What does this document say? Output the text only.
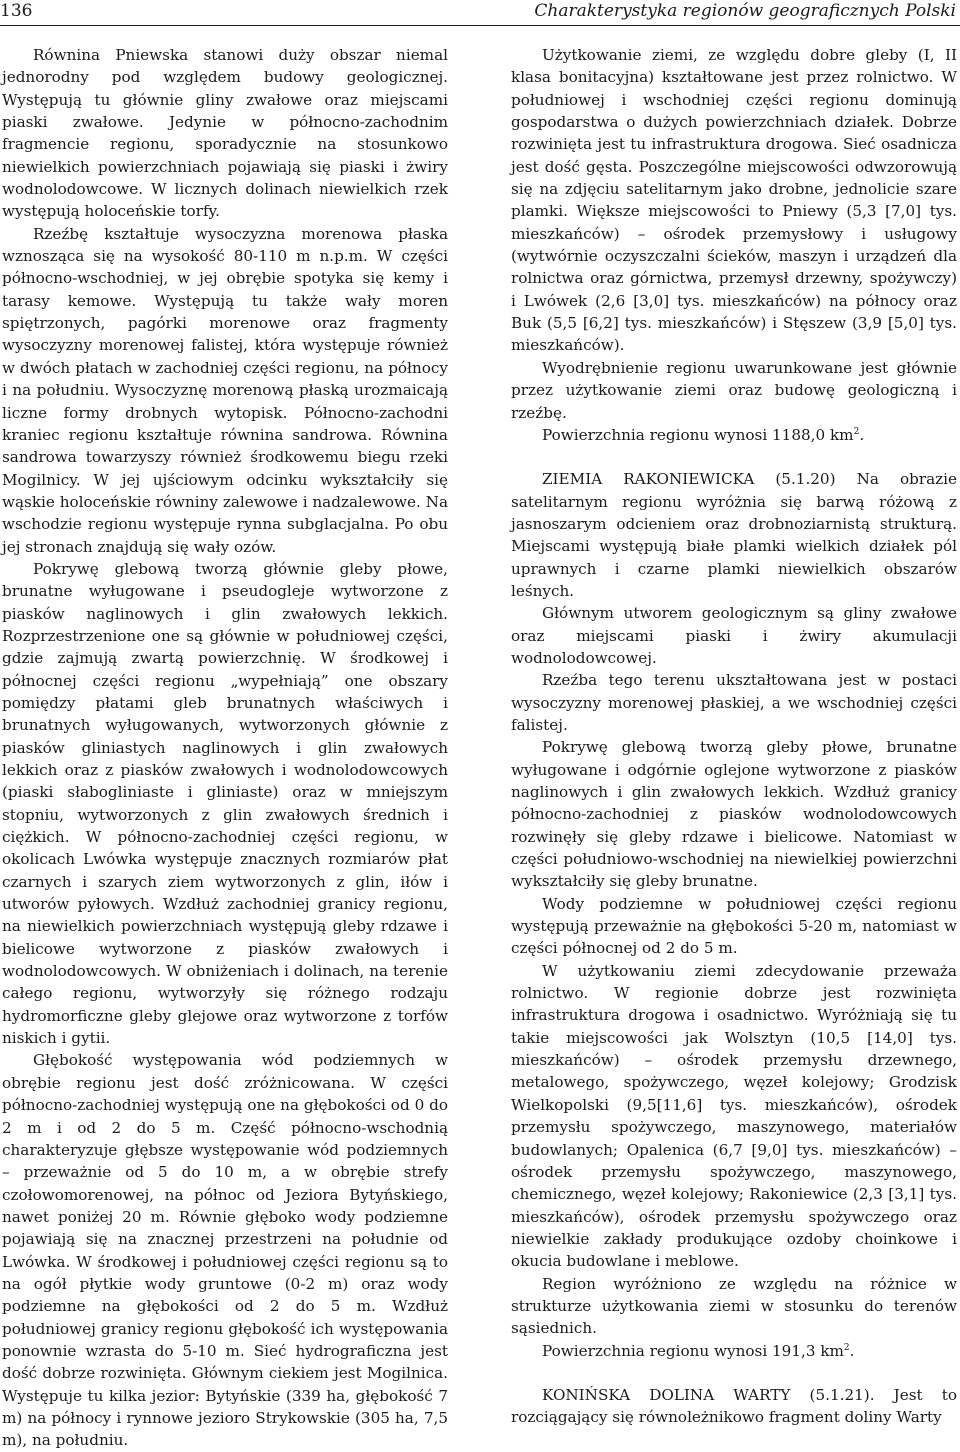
136	Charakterystyka regionów geograficznych Polski

Równina Pniewska stanowi duży obszar niemal jednorodny pod względem budowy geologicznej. Występują tu głównie gliny zwałowe oraz miejscami piaski zwałowe. Jedynie w północno-zachodnim fragmencie regionu, sporadycznie na stosunkowo niewielkich powierzchniach pojawiają się piaski i żwiry wodnolodowcowe. W licznych dolinach niewielkich rzek występują holoceńskie torfy.

Rzeźbę kształtuje wysoczyzna morenowa płaska wznosząca się na wysokość 80-110 m n.p.m. W części północno-wschodniej, w jej obrębie spotyka się kemy i tarasy kemowe. Występują tu także wały moren spiętrzonych, pagórki morenowe oraz fragmenty wysoczyzny morenowej falistej, która występuje również w dwóch płatach w zachodniej części regionu, na północy i na południu. Wysoczyznę morenową płaską urozmaicają liczne formy drobnych wytopisk. Północno-zachodni kraniec regionu kształtuje równina sandrowa. Równina sandrowa towarzyszy również środkowemu biegu rzeki Mogilnicy. W jej ujściowym odcinku wykształciły się wąskie holoceńskie równiny zalewowe i nadzalewowe. Na wschodzie regionu występuje rynna subglacjalna. Po obu jej stronach znajdują się wały ozów.

Pokrywę glebową tworzą głównie gleby płowe, brunatne wyługowane i pseudogleje wytworzone z piasków naglinowych i glin zwałowych lekkich. Rozprzestrzenione one są głównie w południowej części, gdzie zajmują zwartą powierzchnię. W środkowej i północnej części regionu „wypełniają” one obszary pomiędzy płatami gleb brunatnych właściwych i brunatnych wyługowanych, wytworzonych głównie z piasków gliniastych naglinowych i glin zwałowych lekkich oraz z piasków zwałowych i wodnolodowcowych (piaski słabogliniaste i gliniaste) oraz w mniejszym stopniu, wytworzonych z glin zwałowych średnich i ciężkich. W północno-zachodniej części regionu, w okolicach Lwówka występuje znacznych rozmiarów płat czarnych i szarych ziem wytworzonych z glin, iłów i utworów pyłowych. Wzdłuż zachodniej granicy regionu, na niewielkich powierzchniach występują gleby rdzawe i bielicowe wytworzone z piasków zwałowych i wodnolodowcowych. W obniżeniach i dolinach, na terenie całego regionu, wytworzyły się różnego rodzaju hydromorficzne gleby glejowe oraz wytworzone z torfów niskich i gytii.

Głębokość występowania wód podziemnych w obrębie regionu jest dość zróżnicowana. W części północno-zachodniej występują one na głębokości od 0 do 2 m i od 2 do 5 m. Część północno-wschodnią charakteryzuje głębsze występowanie wód podziemnych – przeważnie od 5 do 10 m, a w obrębie strefy czołowomorenowej, na północ od Jeziora Bytyńskiego, nawet poniżej 20 m. Równie głęboko wody podziemne pojawiają się na znacznej przestrzeni na południe od Lwówka. W środkowej i południowej części regionu są to na ogół płytkie wody gruntowe (0-2 m) oraz wody podziemne na głębokości od 2 do 5 m. Wzdłuż południowej granicy regionu głębokość ich występowania ponownie wzrasta do 5-10 m. Sieć hydrograficzna jest dość dobrze rozwinięta. Głównym ciekiem jest Mogilnica. Występuje tu kilka jezior: Bytyńskie (339 ha, głębokość 7 m) na północy i rynnowe jezioro Strykowskie (305 ha, 7,5 m), na południu.

Użytkowanie ziemi, ze względu dobre gleby (I, II klasa bonitacyjna) kształtowane jest przez rolnictwo. W południowej i wschodniej części regionu dominują gospodarstwa o dużych powierzchniach działek. Dobrze rozwinięta jest tu infrastruktura drogowa. Sieć osadnicza jest dość gęsta. Poszczególne miejscowości odwzorowują się na zdjęciu satelitarnym jako drobne, jednolicie szare plamki. Większe miejscowości to Pniewy (5,3 [7,0] tys. mieszkańców) – ośrodek przemysłowy i usługowy (wytwórnie oczyszczalni ścieków, maszyn i urządzeń dla rolnictwa oraz górnictwa, przemysł drzewny, spożywczy) i Lwówek (2,6 [3,0] tys. mieszkańców) na północy oraz Buk (5,5 [6,2] tys. mieszkańców) i Stęszew (3,9 [5,0] tys. mieszkańców).

Wyodrębnienie regionu uwarunkowane jest głównie przez użytkowanie ziemi oraz budowę geologiczną i rzeźbę.

Powierzchnia regionu wynosi 1188,0 $km^2$.

ZIEMIA RAKONIEWICKA (5.1.20) Na obrazie satelitarnym regionu wyróżnia się barwą różową z jasnoszarym odcieniem oraz drobnoziarnistą strukturą. Miejscami występują białe plamki wielkich działek pól uprawnych i czarne plamki niewielkich obszarów leśnych.

Głównym utworem geologicznym są gliny zwałowe oraz miejscami piaski i żwiry akumulacji wodnolodowcowej.

Rzeźba tego terenu ukształtowana jest w postaci wysoczyzny morenowej płaskiej, a we wschodniej części falistej.

Pokrywę glebową tworzą gleby płowe, brunatne wyługowane i odgórnie oglejone wytworzone z piasków naglinowych i glin zwałowych lekkich. Wzdłuż granicy północno-zachodniej z piasków wodnolodowcowych rozwinęły się gleby rdzawe i bielicowe. Natomiast w części południowo-wschodniej na niewielkiej powierzchni wykształciły się gleby brunatne.

Wody podziemne w południowej części regionu występują przeważnie na głębokości 5-20 m, natomiast w części północnej od 2 do 5 m.

W użytkowaniu ziemi zdecydowanie przeważa rolnictwo. W regionie dobrze jest rozwinięta infrastruktura drogowa i osadnictwo. Wyróżniają się tu takie miejscowości jak Wolsztyn (10,5 [14,0] tys. mieszkańców) – ośrodek przemysłu drzewnego, metalowego, spożywczego, węzeł kolejowy; Grodzisk Wielkopolski (9,5[11,6] tys. mieszkańców), ośrodek przemysłu spożywczego, maszynowego, materiałów budowlanych; Opalenica (6,7 [9,0] tys. mieszkańców) – ośrodek przemysłu spożywczego, maszynowego, chemicznego, węzeł kolejowy; Rakoniewice (2,3 [3,1] tys. mieszkańców), ośrodek przemysłu spożywczego oraz niewielkie zakłady produkujące ozdoby choinkowe i okucia budowlane i meblowe.

Region wyróżniono ze względu na różnice w strukturze użytkowania ziemi w stosunku do terenów sąsiednich.

Powierzchnia regionu wynosi 191,3 $km^2$.

KONIŃSKA DOLINA WARTY (5.1.21). Jest to rozciągający się równoleżnikowo fragment doliny Warty
